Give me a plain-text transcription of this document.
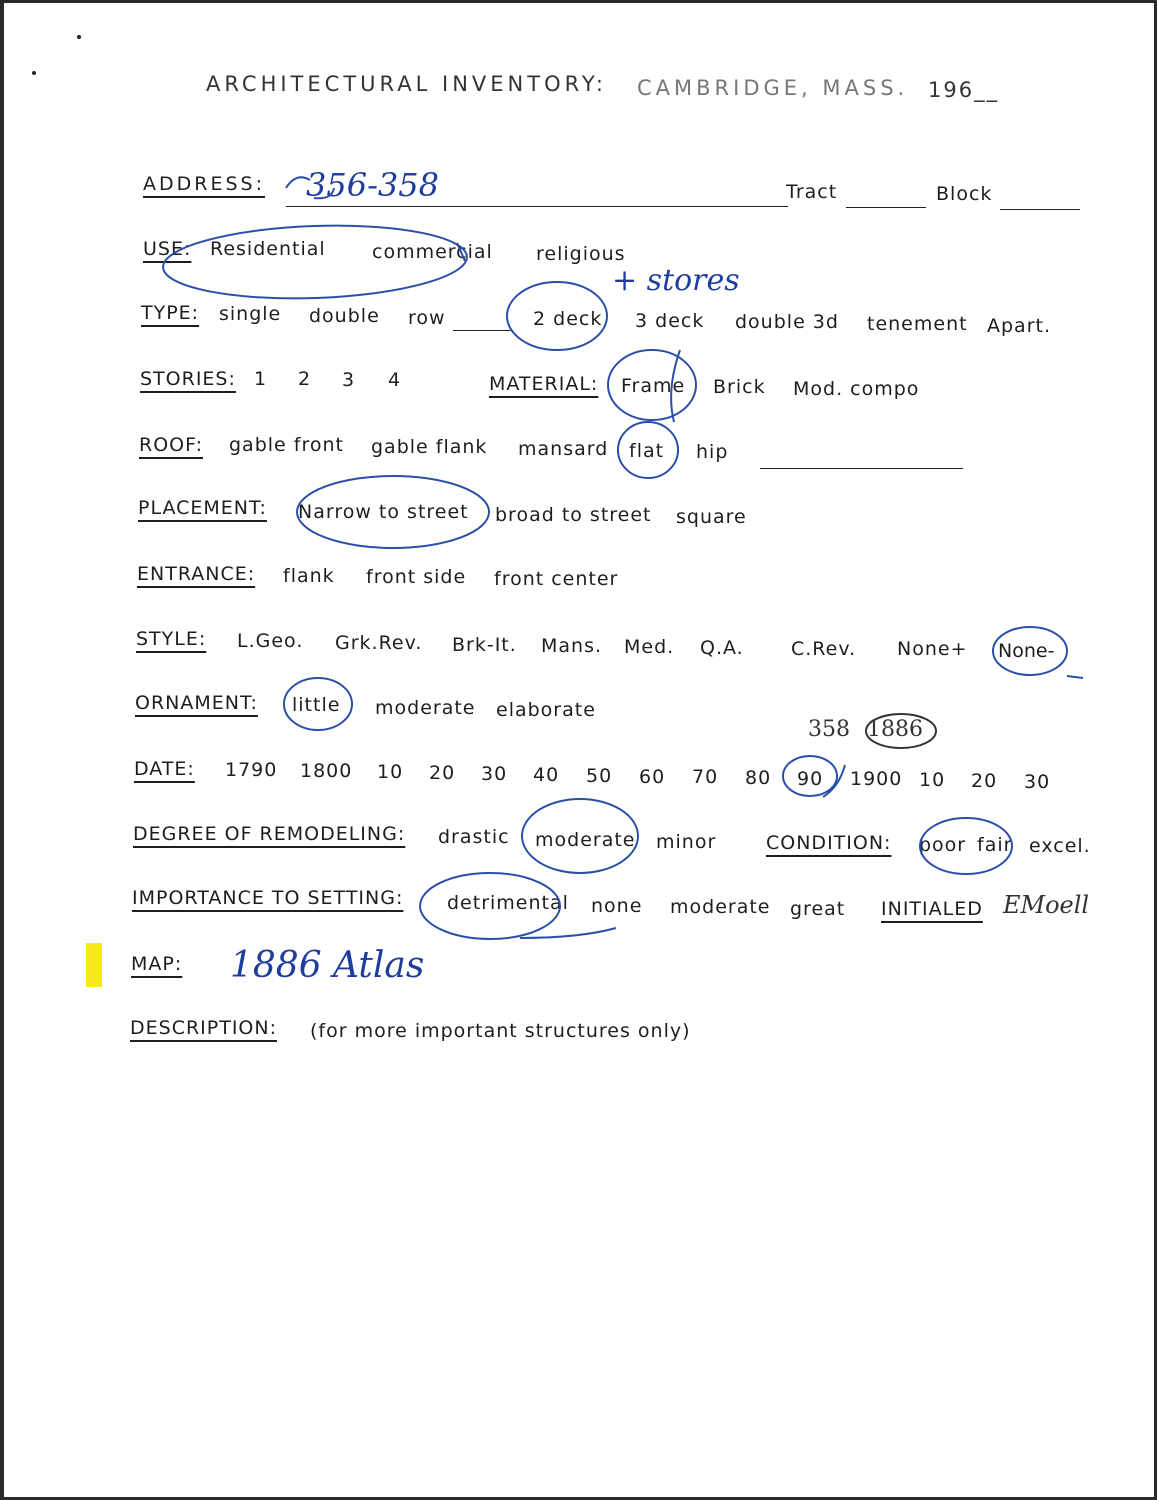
ARCHITECTURAL INVENTORY: CAMBRIDGE, MASS. 196__
ADDRESS: 356-358	Tract	Block
USE: Residential commercial religious
TYPE: single double row	2 deck 3 deck double 3d tenement Apart.
+ stores
STORIES: 1 2 3 4	MATERIAL: Frame Brick Mod. compo
ROOF: gable front gable flank mansard flat hip
PLACEMENT: Narrow to street broad to street square
ENTRANCE: flank front side front center
STYLE: L.Geo. Grk.Rev. Brk-It. Mans. Med. Q.A. C.Rev. None+ None-
ORNAMENT: little moderate elaborate
DATE: 1790 1800 10 20 30 40 50 60 70 80 90 1900 10 20 30
358 1886
DEGREE OF REMODELING: drastic moderate minor	CONDITION: poor fair excel.
IMPORTANCE TO SETTING: detrimental none moderate great INITIALED EMoell
MAP: 1886 Atlas
DESCRIPTION: (for more important structures only)
